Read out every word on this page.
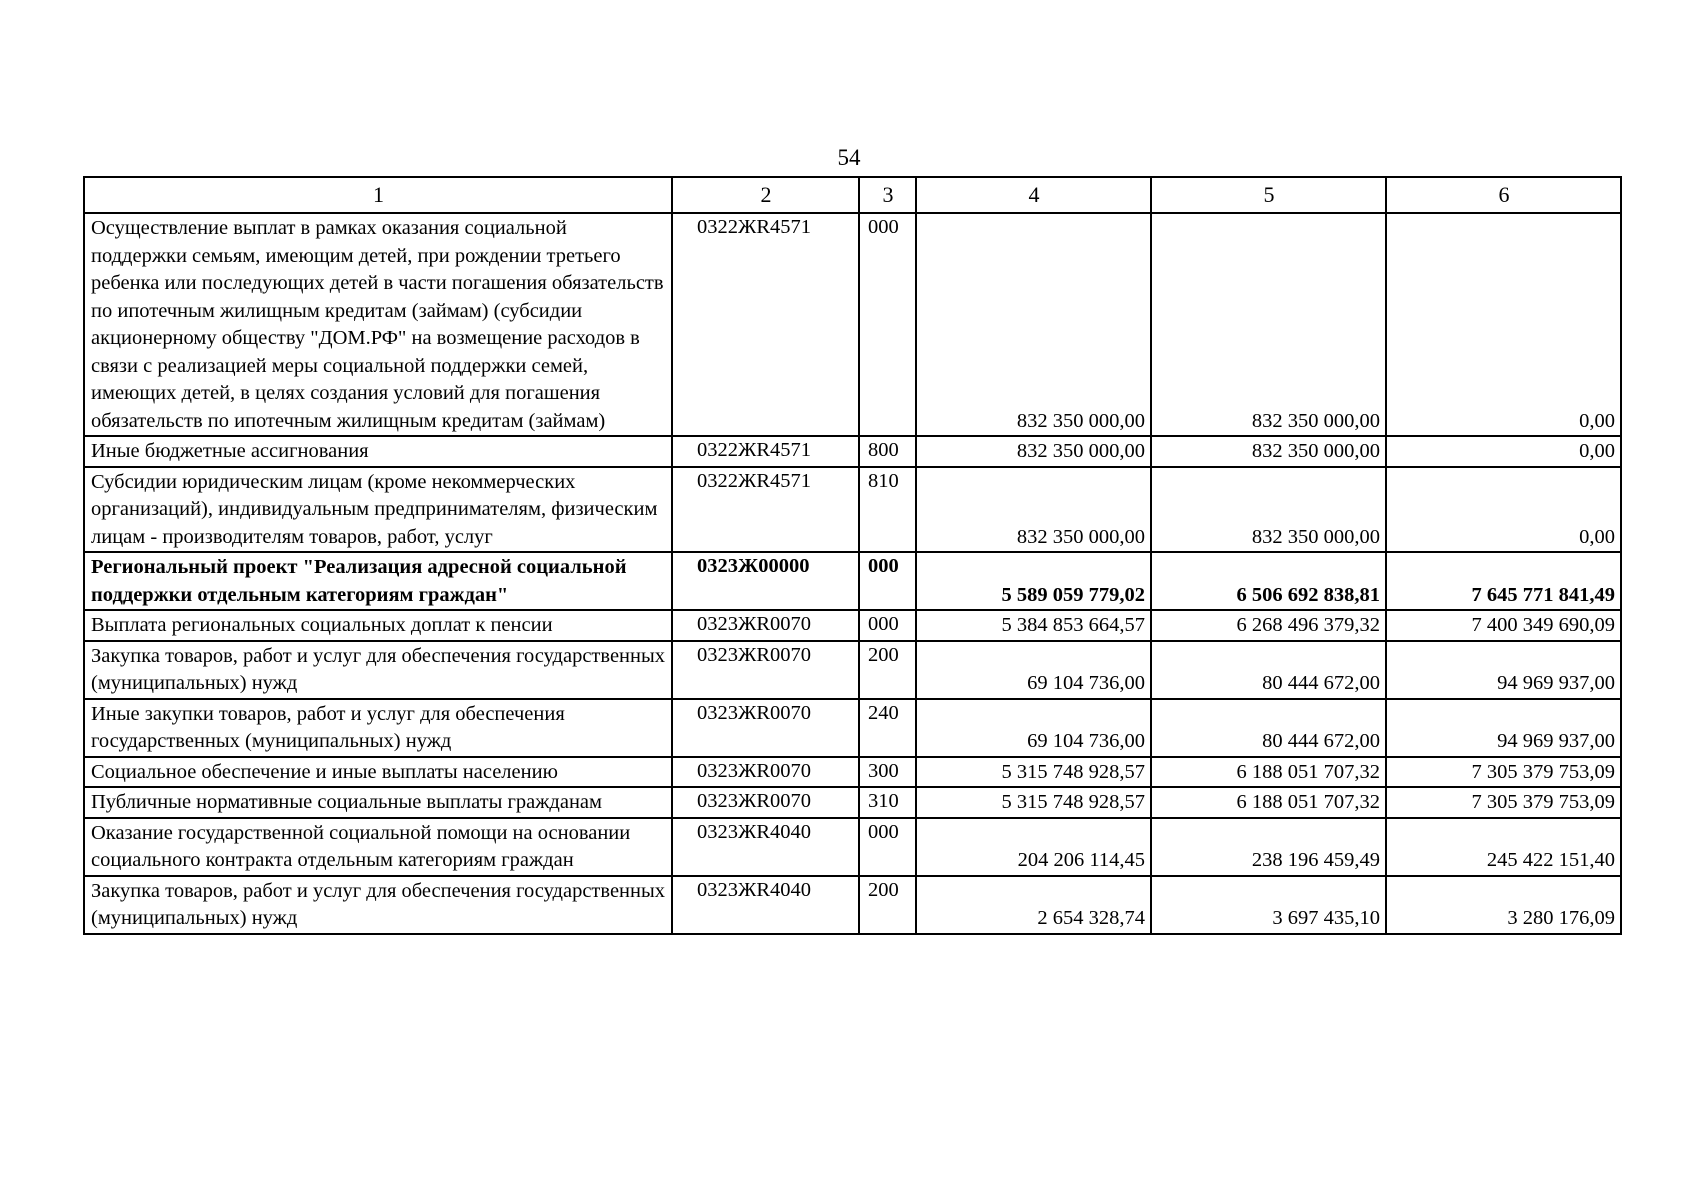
54
1	2	3	4	5	6
Осуществление выплат в рамках оказания социальной поддержки семьям, имеющим детей, при рождении третьего ребенка или последующих детей в части погашения обязательств по ипотечным жилищным кредитам (займам) (субсидии акционерному обществу "ДОМ.РФ" на возмещение расходов в связи с реализацией меры социальной поддержки семей, имеющих детей, в целях создания условий для погашения обязательств по ипотечным жилищным кредитам (займам)	0322ЖR4571	000	832 350 000,00	832 350 000,00	0,00
Иные бюджетные ассигнования	0322ЖR4571	800	832 350 000,00	832 350 000,00	0,00
Субсидии юридическим лицам (кроме некоммерческих организаций), индивидуальным предпринимателям, физическим лицам - производителям товаров, работ, услуг	0322ЖR4571	810	832 350 000,00	832 350 000,00	0,00
Региональный проект "Реализация адресной социальной поддержки отдельным категориям граждан"	0323Ж00000	000	5 589 059 779,02	6 506 692 838,81	7 645 771 841,49
Выплата региональных социальных доплат к пенсии	0323ЖR0070	000	5 384 853 664,57	6 268 496 379,32	7 400 349 690,09
Закупка товаров, работ и услуг для обеспечения государственных (муниципальных) нужд	0323ЖR0070	200	69 104 736,00	80 444 672,00	94 969 937,00
Иные закупки товаров, работ и услуг для обеспечения государственных (муниципальных) нужд	0323ЖR0070	240	69 104 736,00	80 444 672,00	94 969 937,00
Социальное обеспечение и иные выплаты населению	0323ЖR0070	300	5 315 748 928,57	6 188 051 707,32	7 305 379 753,09
Публичные нормативные социальные выплаты гражданам	0323ЖR0070	310	5 315 748 928,57	6 188 051 707,32	7 305 379 753,09
Оказание государственной социальной помощи на основании социального контракта отдельным категориям граждан	0323ЖR4040	000	204 206 114,45	238 196 459,49	245 422 151,40
Закупка товаров, работ и услуг для обеспечения государственных (муниципальных) нужд	0323ЖR4040	200	2 654 328,74	3 697 435,10	3 280 176,09
